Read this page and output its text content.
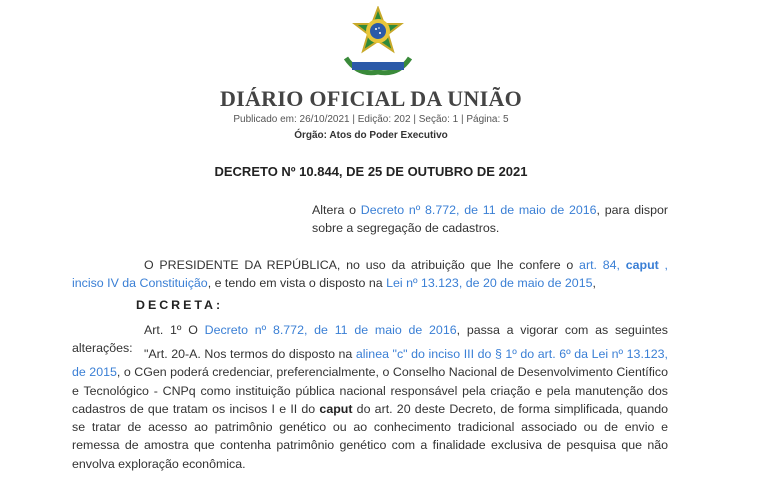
DIÁRIO OFICIAL DA UNIÃO
Publicado em: 26/10/2021 | Edição: 202 | Seção: 1 | Página: 5
Órgão: Atos do Poder Executivo
DECRETO Nº 10.844, DE 25 DE OUTUBRO DE 2021
Altera o Decreto nº 8.772, de 11 de maio de 2016, para dispor sobre a segregação de cadastros.
O PRESIDENTE DA REPÚBLICA, no uso da atribuição que lhe confere o art. 84, caput , inciso IV da Constituição, e tendo em vista o disposto na Lei nº 13.123, de 20 de maio de 2015,
DECRETA:
Art. 1º O Decreto nº 8.772, de 11 de maio de 2016, passa a vigorar com as seguintes alterações: "Art. 20-A. Nos termos do disposto na alinea "c" do inciso III do § 1º do art. 6º da Lei nº 13.123, de 2015, o CGen poderá credenciar, preferencialmente, o Conselho Nacional de Desenvolvimento Científico e Tecnológico - CNPq como instituição pública nacional responsável pela criação e pela manutenção dos cadastros de que tratam os incisos I e II do caput do art. 20 deste Decreto, de forma simplificada, quando se tratar de acesso ao patrimônio genético ou ao conhecimento tradicional associado ou de envio e remessa de amostra que contenha patrimônio genético com a finalidade exclusiva de pesquisa que não envolva exploração econômica.
